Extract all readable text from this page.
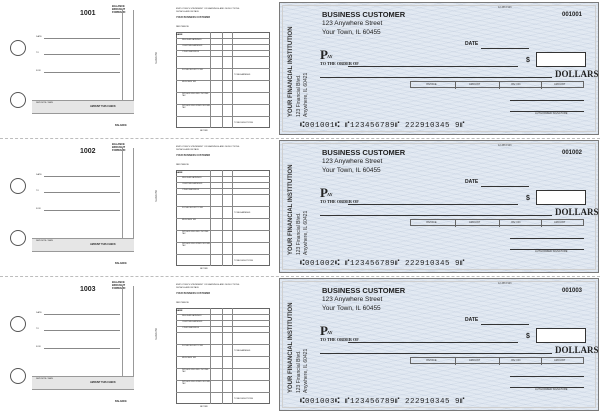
1001
BALANCE BROUGHT FORWARD
DATE
TO
FOR
DEPOSITS
DEPOSITS / DATE
AMOUNT THIS CHECK
BALANCE
EMPLOYEE'S STATEMENT OF EARNINGS AND DEDUCTIONS. DETACH AND RETAIN.
YOUR BUSINESS CUSTOMER
PAY PERIOD
NAME
REGULAR EARNINGS
OVERTIME EARNINGS
OTHER EARNINGS
SOCIAL SECURITY TAX
MEDICARE TAX
WITHHOLDING FED. INCOME TAX
WITHHOLDING STATE INCOME TAX
TOTAL EARNINGS
TOTAL DEDUCTIONS
NET PAY
YOUR FINANCIAL INSTITUTION 123 Financial Blvd. Anywhere, IL 60421
BUSINESS CUSTOMER
123 Anywhere Street
Your Town, IL 60455
12-4567/123
001001
DATE
P AY
TO THE ORDER OF	$
DOLLARS
INVOICE	AMOUNT	INV. NO.	AMOUNT
AUTHORIZED SIGNATURE
⑆001001⑆ ⑈123456789⑈ 222910345 9⑈
1002
BALANCE BROUGHT FORWARD
DATE
TO
FOR
DEPOSITS
DEPOSITS / DATE
AMOUNT THIS CHECK
BALANCE
EMPLOYEE'S STATEMENT OF EARNINGS AND DEDUCTIONS. DETACH AND RETAIN.
YOUR BUSINESS CUSTOMER
PAY PERIOD
NAME
REGULAR EARNINGS
OVERTIME EARNINGS
OTHER EARNINGS
SOCIAL SECURITY TAX
MEDICARE TAX
WITHHOLDING FED. INCOME TAX
WITHHOLDING STATE INCOME TAX
TOTAL EARNINGS
TOTAL DEDUCTIONS
NET PAY
YOUR FINANCIAL INSTITUTION 123 Financial Blvd. Anywhere, IL 60421
BUSINESS CUSTOMER
123 Anywhere Street
Your Town, IL 60455
12-4567/123
001002
DATE
P AY
TO THE ORDER OF	$
DOLLARS
INVOICE	AMOUNT	INV. NO.	AMOUNT
AUTHORIZED SIGNATURE
⑆001002⑆ ⑈123456789⑈ 222910345 9⑈
1003
BALANCE BROUGHT FORWARD
DATE
TO
FOR
DEPOSITS
DEPOSITS / DATE
AMOUNT THIS CHECK
BALANCE
EMPLOYEE'S STATEMENT OF EARNINGS AND DEDUCTIONS. DETACH AND RETAIN.
YOUR BUSINESS CUSTOMER
PAY PERIOD
NAME
REGULAR EARNINGS
OVERTIME EARNINGS
OTHER EARNINGS
SOCIAL SECURITY TAX
MEDICARE TAX
WITHHOLDING FED. INCOME TAX
WITHHOLDING STATE INCOME TAX
TOTAL EARNINGS
TOTAL DEDUCTIONS
NET PAY
YOUR FINANCIAL INSTITUTION 123 Financial Blvd. Anywhere, IL 60421
BUSINESS CUSTOMER
123 Anywhere Street
Your Town, IL 60455
12-4567/123
001003
DATE
P AY
TO THE ORDER OF	$
DOLLARS
INVOICE	AMOUNT	INV. NO.	AMOUNT
AUTHORIZED SIGNATURE
⑆001003⑆ ⑈123456789⑈ 222910345 9⑈
